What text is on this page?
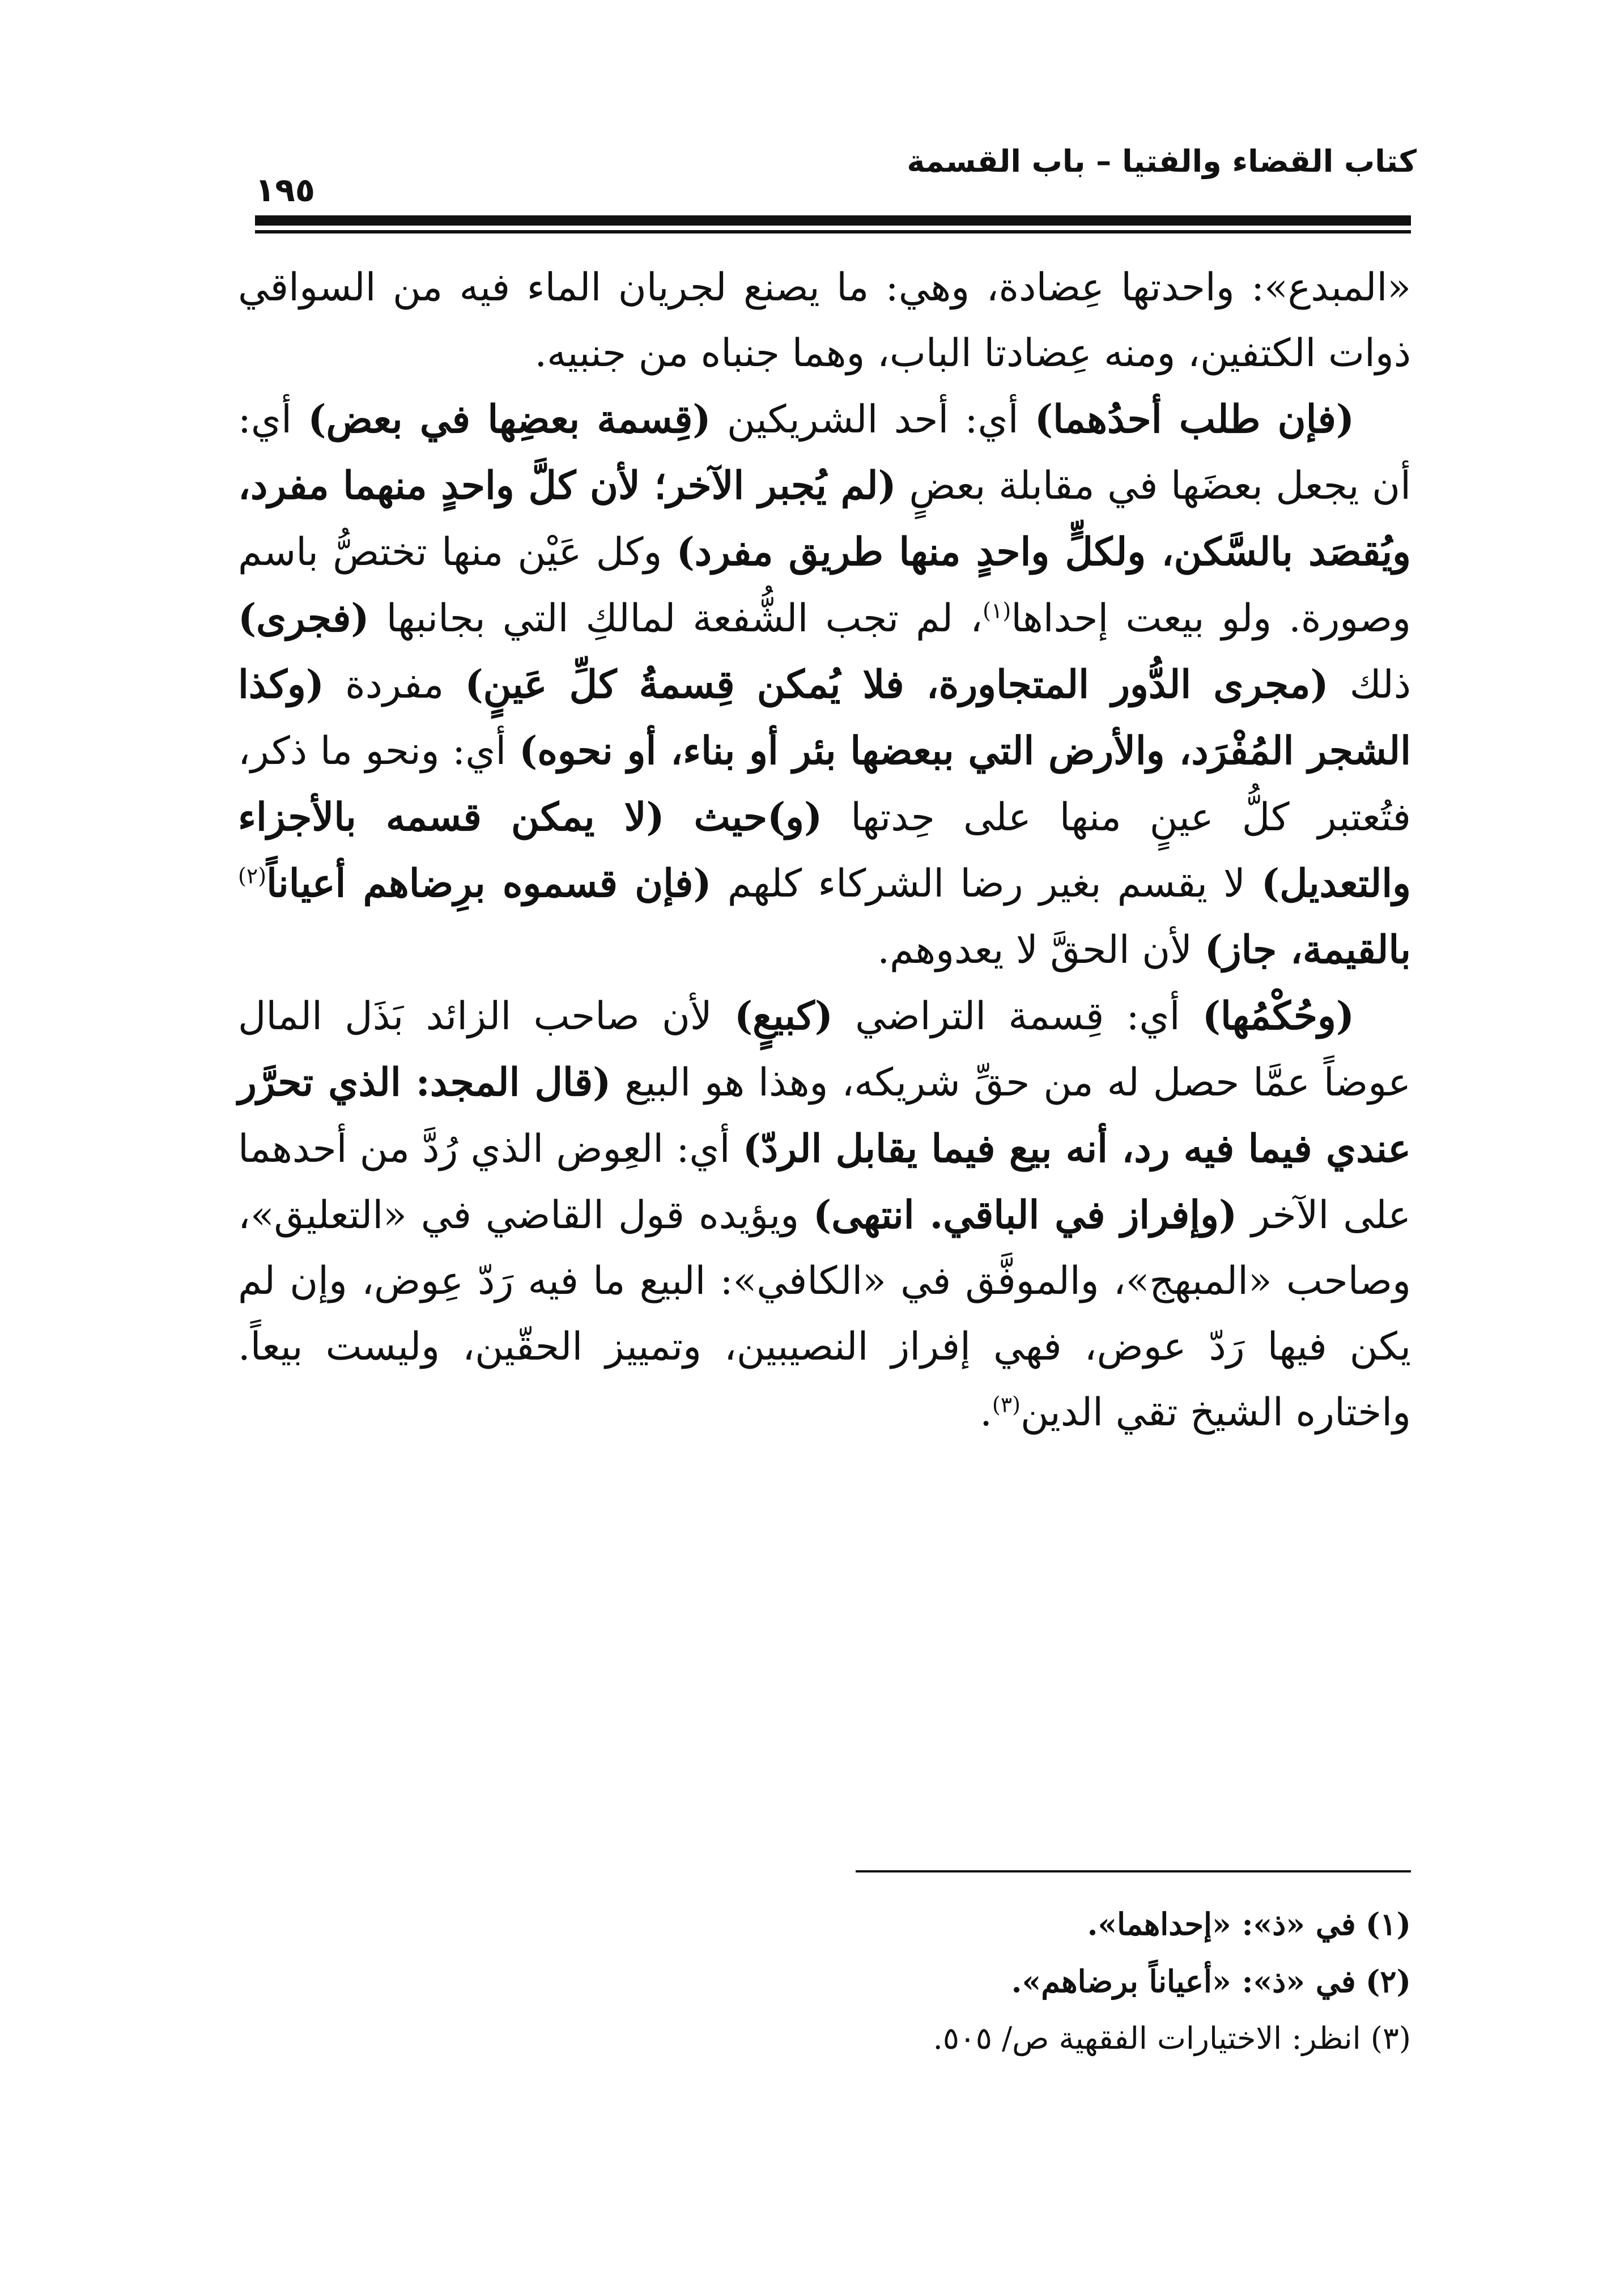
كتاب القضاء والفتيا – باب القسمة
١٩٥

«المبدع»: واحدتها عِضادة، وهي: ما يصنع لجريان الماء فيه من السواقي ذوات الكتفين، ومنه عِضادتا الباب، وهما جنباه من جنبيه.

(فإن طلب أحدُهما) أي: أحد الشريكين (قِسمة بعضِها في بعض) أي: أن يجعل بعضَها في مقابلة بعضٍ (لم يُجبر الآخر؛ لأن كلَّ واحدٍ منهما مفرد، ويُقصَد بالسَّكن، ولكلٍّ واحدٍ منها طريق مفرد) وكل عَيْن منها تختصُّ باسم وصورة. ولو بيعت إحداها$^{(١)}$، لم تجب الشُّفعة لمالكِ التي بجانبها (فجرى) ذلك (مجرى الدُّور المتجاورة، فلا يُمكن قِسمةُ كلِّ عَينٍ) مفردة (وكذا الشجر المُفْرَد، والأرض التي ببعضها بئر أو بناء، أو نحوه) أي: ونحو ما ذكر، فتُعتبر كلُّ عينٍ منها على حِدتها (و)حيث (لا يمكن قسمه بالأجزاء والتعديل) لا يقسم بغير رضا الشركاء كلهم (فإن قسموه برِضاهم أعياناً$^{(٢)}$ بالقيمة، جاز) لأن الحقَّ لا يعدوهم.

(وحُكْمُها) أي: قِسمة التراضي (كبيعٍ) لأن صاحب الزائد بَذَل المال عوضاً عمَّا حصل له من حقِّ شريكه، وهذا هو البيع (قال المجد: الذي تحرَّر عندي فيما فيه رد، أنه بيع فيما يقابل الردّ) أي: العِوض الذي رُدَّ من أحدهما على الآخر (وإفراز في الباقي. انتهى) ويؤيده قول القاضي في «التعليق»، وصاحب «المبهج»، والموفَّق في «الكافي»: البيع ما فيه رَدّ عِوض، وإن لم يكن فيها رَدّ عوض، فهي إفراز النصيبين، وتمييز الحقّين، وليست بيعاً. واختاره الشيخ تقي الدين$^{(٣)}$.

(١) في «ذ»: «إحداهما».

(٢) في «ذ»: «أعياناً برضاهم».

(٣) انظر: الاختيارات الفقهية ص/ ٥٠٥.
